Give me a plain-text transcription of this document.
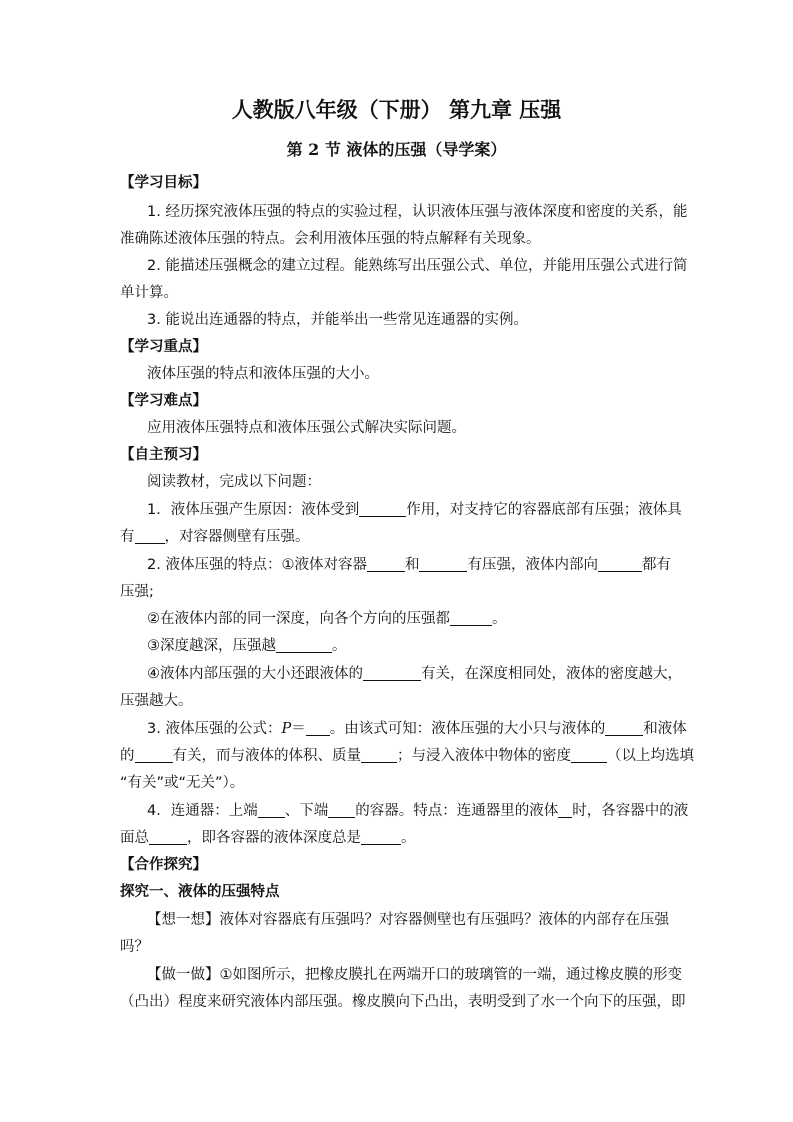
人教版八年级（下册） 第九章 压强
第 2 节 液体的压强（导学案）
【学习目标】
1. 经历探究液体压强的特点的实验过程，认识液体压强与液体深度和密度的关系，能
准确陈述液体压强的特点。会利用液体压强的特点解释有关现象。
2. 能描述压强概念的建立过程。能熟练写出压强公式、单位，并能用压强公式进行简
单计算。
3. 能说出连通器的特点，并能举出一些常见连通器的实例。
【学习重点】
液体压强的特点和液体压强的大小。
【学习难点】
应用液体压强特点和液体压强公式解决实际问题。
【自主预习】
阅读教材，完成以下问题：
1．液体压强产生原因：液体受到	作用，对支持它的容器底部有压强；液体具
有 ，对容器侧壁有压强。
2. 液体压强的特点：①液体对容器	和	有压强，液体内部向	都有
压强;
②在液体内部的同一深度，向各个方向的压强都	。
③深度越深，压强越	。
④液体内部压强的大小还跟液体的	有关，在深度相同处，液体的密度越大，
压强越大。
3. 液体压强的公式：P＝ 。由该式可知：液体压强的大小只与液体的	和液体
的	有关，而与液体的体积、质量 ；与浸入液体中物体的密度 （以上均选填
“有关”或“无关”）。
4．连通器：上端 、下端 的容器。特点：连通器里的液体 时，各容器中的液
面总	，即各容器的液体深度总是	。
【合作探究】
探究一、液体的压强特点
【想一想】液体对容器底有压强吗？对容器侧壁也有压强吗？液体的内部存在压强
吗？
【做一做】①如图所示，把橡皮膜扎在两端开口的玻璃管的一端，通过橡皮膜的形变
（凸出）程度来研究液体内部压强。橡皮膜向下凸出，表明受到了水一个向下的压强，即
